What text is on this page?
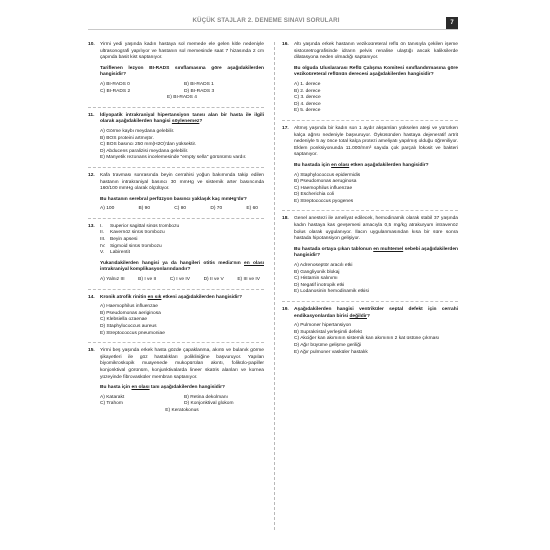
KÜÇÜK STAJLAR 2. DENEME SINAVI SORULARI	7
10. Yirmi yedi yaşında kadın hastaya sol memede ele gelen kitle nedeniyle ultrasonografi yapılıyor ve hastanın sol memesinde saat 7 hizasında 2 cm çapında basit kist saptanıyor.
Tariflenen lezyon BI-RADS sınıflamasına göre aşağıdakilerden hangisidir?
A) BI-RADS 0	B) BI-RADS 1
C) BI-RADS 2	D) BI-RADS 3
E) BI-RADS 4
11. İdiyopatik intrakraniyal hipertansiyon tanısı alan bir hasta ile ilgili olarak aşağıdakilerden hangisi söylenemez?
A) Görme kaybı meydana gelebilir.
B) BOS proteini artmıştır.
C) BOS basıncı 250 mm(H2O)'dan yüksektir.
D) Abducens paralizisi meydana gelebilir.
E) Manyetik rezonans incelemesinde "empty sella" görünümü vardır.
12. Kafa travması sonrasında beyin cerrahisi yoğun bakımında takip edilen hastanın intrakraniyal basıncı 30 mmHg ve sistemik arter basıncında 160/100 mmHg olarak ölçülüyor.
Bu hastanın serebral perfüzyon basıncı yaklaşık kaç mmHg'dır?
A) 100	B) 90	C) 80	D) 70	E) 60
13. I.	Superior sagittal sinüs trombozu
II.	Kavernöz sinüs trombozu
III. Beyin apsesi
IV. Sigmoid sinüs trombozu
V.	Labirentit
Yukarıdakilerden hangisi ya da hangileri otitis media'nın en olası intrakraniyal komplikasyonlarındandır?
A) Yalnız III	B) I ve II	C) I ve IV	D) II ve V	E) III ve IV
14. Kronik atrofik rinitin en sık etkeni aşağıdakilerden hangisidir?
A) Haemophilus influenzae
B) Pseudomonas aeriginosa
C) Klebsiella ozaenae
D) Staphylococcus aureus
E) Streptococcus pneumoniae
15. Yirmi beş yaşında erkek hasta gözde çapaklanma, akıntı ve bulanık görme şikayetleri ile göz hastalıkları polikliniğine başvuruyor. Yapılan biyomikroskopik muayenede mukopürülan akıntı, folikülo-papiller konjonktival görünüm, konjunktivalarda lineer skatris alanları ve kornea yüzeyinde fibrovasküler membran saptanıyor.
Bu hasta için en olası tanı aşağıdakilerden hangisidir?
A) Katarakt	B) Retina dekolmanı
C) Trahom	D) Konjonktival glokom
E) Keratokonus
16. Altı yaşında erkek hastanın vezikoüreteral reflü ön tanısıyla çekilen işeme sistoüretrografisinde idrarın pelvis renalise ulaştığı ancak kaliksilerde dilatasyona neden olmadığı saptanıyor.
Bu olguda Uluslararası Reflü Çalışma Komitesi sınıflandırmasına göre vezikoüreteral reflünün derecesi aşağıdakilerden hangisidir?
A) 1. derece
B) 2. derece
C) 3. derece
D) 4. derece
E) 5. derece
17. Altmış yaşında bir kadın son 1 aydır akşamları yükselen ateşi ve yürürken kalça ağrısı nedeniyle başvuruyor. Öyküsünden hastaya dejeneratif artrit nedeniyle 5 ay önce total kalça protezi ameliyatı yapılmış olduğu öğreniliyor. Eklem ponksiyonunda 11.000/mm³ sayıda çok parçalı lökosit ve bakteri saptanıyor.
Bu hastada için en olası etken aşağıdakilerden hangisidir?
A) Staphylococcus epidermidis
B) Pseudomonas aeruginosa
C) Haemophilus influenzae
D) Escherichia coli
E) Streptococcus pyogenes
18. Genel anestezi ile ameliyat edilecek, hemodinamik olarak stabil 37 yaşında kadın hastaya kas gevşemesi amacıyla 0,5 mg/kg atrakuryum intravenöz bolus olarak uygulanıyor. İlacın uygulanmasından kısa bir süre sonra hastada hipotansiyon gelişiyor.
Bu hastada ortaya çıkan tablonun en muhtemel sebebi aşağıdakilerden hangisidir?
A) Adrenoseptör aracılı etki
B) Gangliyonik blokaj
C) Histamin salınımı
D) Negatif inotropik etki
E) Lodanosinin hemodinamik etkisi
19. Aşağıdakilerden hangisi ventriküler septal defekt için cerrahi endikasyonlardan birisi değildir?
A) Pulmoner hipertansiyon
B) Suprakristal yerleşimli defekt
C) Akciğer kan akımının sistemik kan akımının 2 kat üstüne çıkması
D) Ağır büyüme gelişme geriliği
E) Ağır pulmoner vasküler hastalık
